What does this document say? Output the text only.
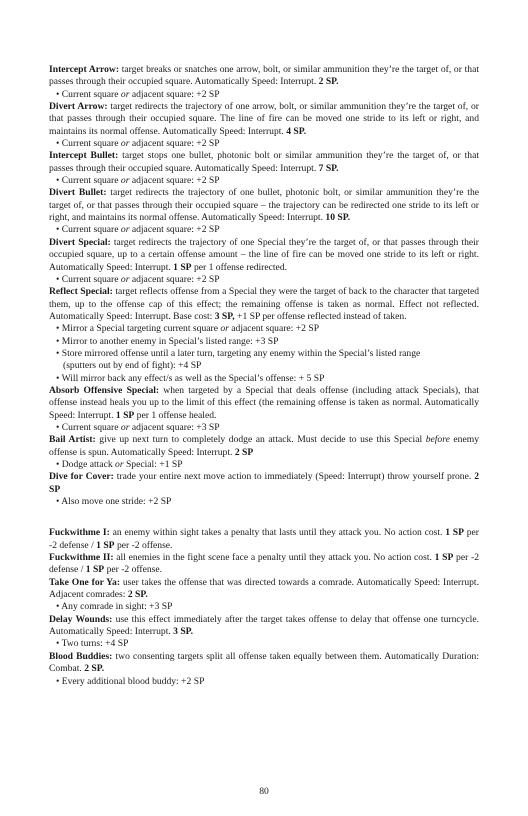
Intercept Arrow: target breaks or snatches one arrow, bolt, or similar ammunition they’re the target of, or that passes through their occupied square. Automatically Speed: Interrupt. 2 SP.

• Current square or adjacent square: +2 SP

Divert Arrow: target redirects the trajectory of one arrow, bolt, or similar ammunition they’re the target of, or that passes through their occupied square. The line of fire can be moved one stride to its left or right, and maintains its normal offense. Automatically Speed: Interrupt. 4 SP.

• Current square or adjacent square: +2 SP

Intercept Bullet: target stops one bullet, photonic bolt or similar ammunition they’re the target of, or that passes through their occupied square. Automatically Speed: Interrupt. 7 SP.

• Current square or adjacent square: +2 SP

Divert Bullet: target redirects the trajectory of one bullet, photonic bolt, or similar ammunition they’re the target of, or that passes through their occupied square – the trajectory can be redirected one stride to its left or right, and maintains its normal offense. Automatically Speed: Interrupt. 10 SP.

• Current square or adjacent square: +2 SP

Divert Special: target redirects the trajectory of one Special they’re the target of, or that passes through their occupied square, up to a certain offense amount – the line of fire can be moved one stride to its left or right. Automatically Speed: Interrupt. 1 SP per 1 offense redirected.

• Current square or adjacent square: +2 SP

Reflect Special: target reflects offense from a Special they were the target of back to the character that targeted them, up to the offense cap of this effect; the remaining offense is taken as normal. Effect not reflected. Automatically Speed: Interrupt. Base cost: 3 SP, +1 SP per offense reflected instead of taken.

• Mirror a Special targeting current square or adjacent square: +2 SP

• Mirror to another enemy in Special’s listed range: +3 SP

• Store mirrored offense until a later turn, targeting any enemy within the Special’s listed range

(sputters out by end of fight): +4 SP

• Will mirror back any effect/s as well as the Special’s offense: + 5 SP

Absorb Offensive Special: when targeted by a Special that deals offense (including attack Specials), that offense instead heals you up to the limit of this effect (the remaining offense is taken as normal. Automatically Speed: Interrupt. 1 SP per 1 offense healed.

• Current square or adjacent square: +3 SP

Bail Artist: give up next turn to completely dodge an attack. Must decide to use this Special before enemy offense is spun. Automatically Speed: Interrupt. 2 SP

• Dodge attack or Special: +1 SP

Dive for Cover: trade your entire next move action to immediately (Speed: Interrupt) throw yourself prone. 2 SP

• Also move one stride: +2 SP

Fuckwithme I: an enemy within sight takes a penalty that lasts until they attack you. No action cost. 1 SP per -2 defense / 1 SP per -2 offense.

Fuckwithme II: all enemies in the fight scene face a penalty until they attack you. No action cost. 1 SP per -2 defense / 1 SP per -2 offense.

Take One for Ya: user takes the offense that was directed towards a comrade. Automatically Speed: Interrupt. Adjacent comrades: 2 SP.

• Any comrade in sight: +3 SP

Delay Wounds: use this effect immediately after the target takes offense to delay that offense one turncycle. Automatically Speed: Interrupt. 3 SP.

• Two turns: +4 SP

Blood Buddies: two consenting targets split all offense taken equally between them. Automatically Duration: Combat. 2 SP.

• Every additional blood buddy: +2 SP

80
